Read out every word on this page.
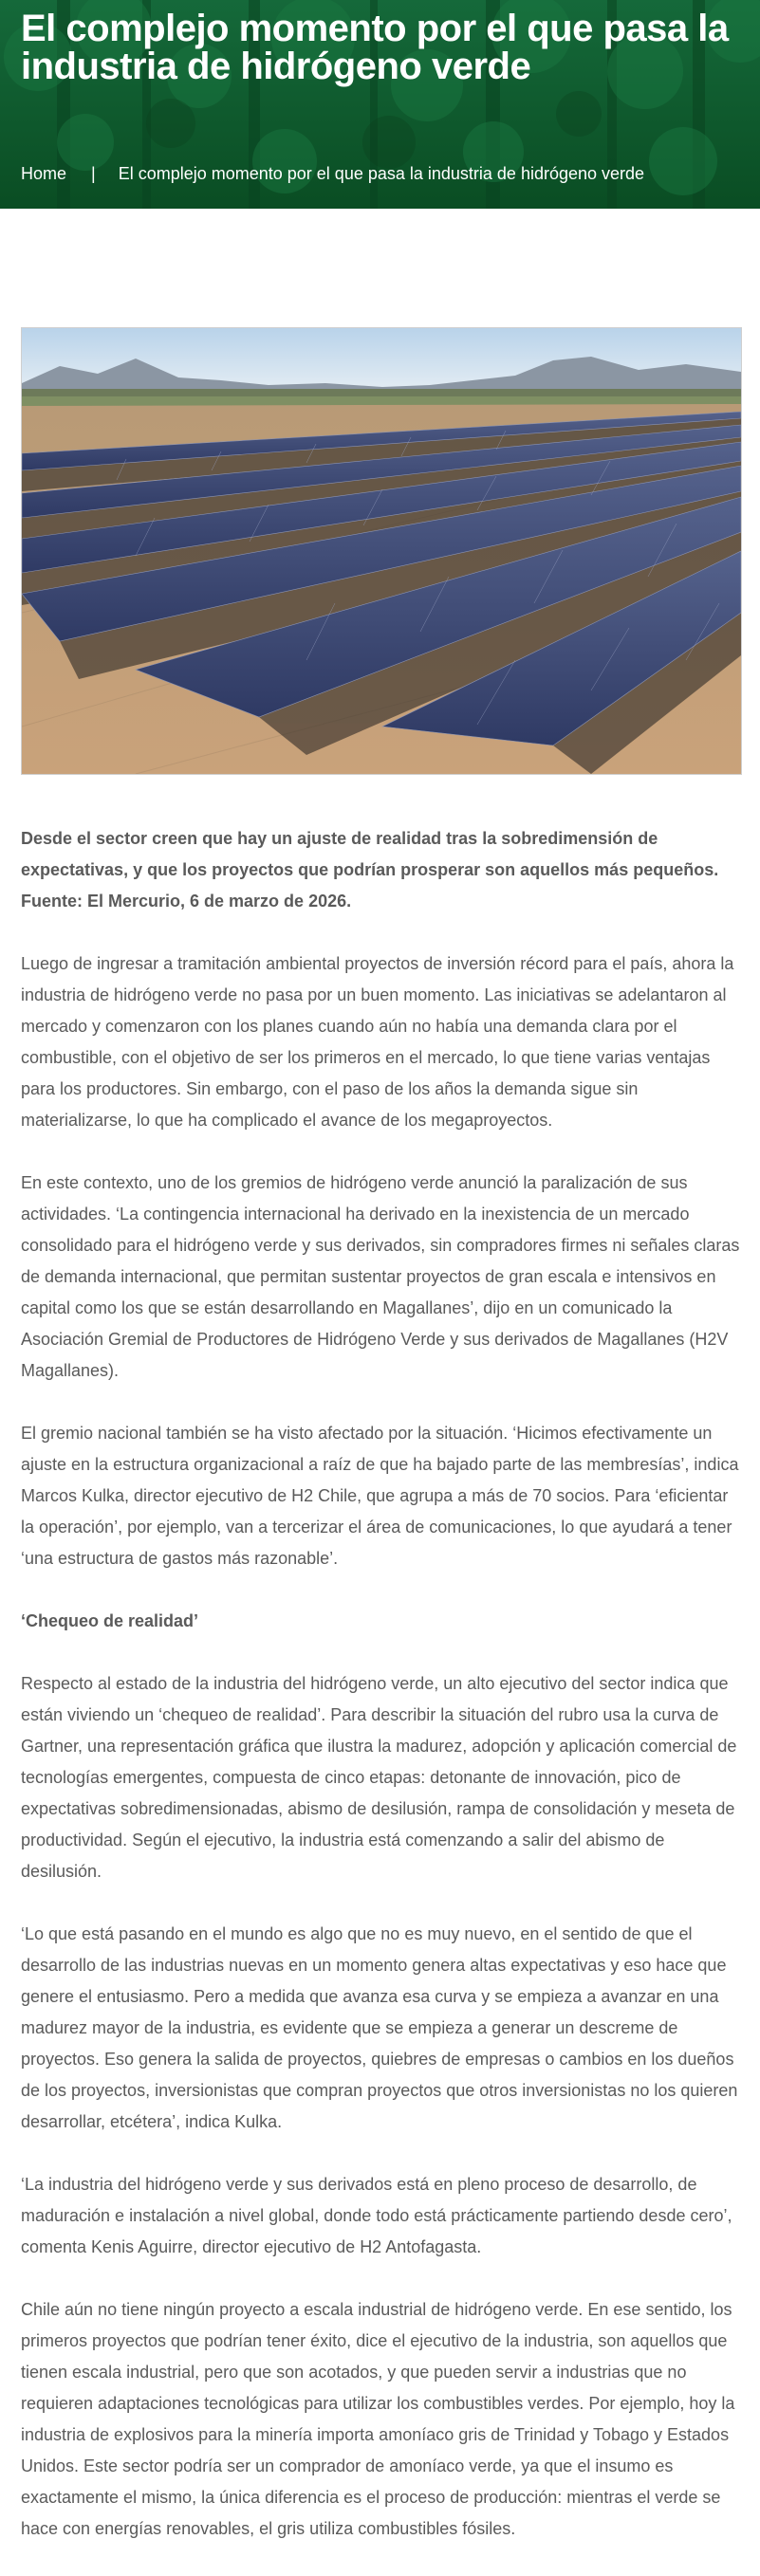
El complejo momento por el que pasa la industria de hidrógeno verde
Home | El complejo momento por el que pasa la industria de hidrógeno verde

Desde el sector creen que hay un ajuste de realidad tras la sobredimensión de expectativas, y que los proyectos que podrían prosperar son aquellos más pequeños. Fuente: El Mercurio, 6 de marzo de 2026.

Luego de ingresar a tramitación ambiental proyectos de inversión récord para el país, ahora la industria de hidrógeno verde no pasa por un buen momento. Las iniciativas se adelantaron al mercado y comenzaron con los planes cuando aún no había una demanda clara por el combustible, con el objetivo de ser los primeros en el mercado, lo que tiene varias ventajas para los productores. Sin embargo, con el paso de los años la demanda sigue sin materializarse, lo que ha complicado el avance de los megaproyectos.

En este contexto, uno de los gremios de hidrógeno verde anunció la paralización de sus actividades. ‘La contingencia internacional ha derivado en la inexistencia de un mercado consolidado para el hidrógeno verde y sus derivados, sin compradores firmes ni señales claras de demanda internacional, que permitan sustentar proyectos de gran escala e intensivos en capital como los que se están desarrollando en Magallanes’, dijo en un comunicado la Asociación Gremial de Productores de Hidrógeno Verde y sus derivados de Magallanes (H2V Magallanes).

El gremio nacional también se ha visto afectado por la situación. ‘Hicimos efectivamente un ajuste en la estructura organizacional a raíz de que ha bajado parte de las membresías’, indica Marcos Kulka, director ejecutivo de H2 Chile, que agrupa a más de 70 socios. Para ‘eficientar la operación’, por ejemplo, van a tercerizar el área de comunicaciones, lo que ayudará a tener ‘una estructura de gastos más razonable’.

‘Chequeo de realidad’

Respecto al estado de la industria del hidrógeno verde, un alto ejecutivo del sector indica que están viviendo un ‘chequeo de realidad’. Para describir la situación del rubro usa la curva de Gartner, una representación gráfica que ilustra la madurez, adopción y aplicación comercial de tecnologías emergentes, compuesta de cinco etapas: detonante de innovación, pico de expectativas sobredimensionadas, abismo de desilusión, rampa de consolidación y meseta de productividad. Según el ejecutivo, la industria está comenzando a salir del abismo de desilusión.

‘Lo que está pasando en el mundo es algo que no es muy nuevo, en el sentido de que el desarrollo de las industrias nuevas en un momento genera altas expectativas y eso hace que genere el entusiasmo. Pero a medida que avanza esa curva y se empieza a avanzar en una madurez mayor de la industria, es evidente que se empieza a generar un descreme de proyectos. Eso genera la salida de proyectos, quiebres de empresas o cambios en los dueños de los proyectos, inversionistas que compran proyectos que otros inversionistas no los quieren desarrollar, etcétera’, indica Kulka.

‘La industria del hidrógeno verde y sus derivados está en pleno proceso de desarrollo, de maduración e instalación a nivel global, donde todo está prácticamente partiendo desde cero’, comenta Kenis Aguirre, director ejecutivo de H2 Antofagasta.

Chile aún no tiene ningún proyecto a escala industrial de hidrógeno verde. En ese sentido, los primeros proyectos que podrían tener éxito, dice el ejecutivo de la industria, son aquellos que tienen escala industrial, pero que son acotados, y que pueden servir a industrias que no requieren adaptaciones tecnológicas para utilizar los combustibles verdes. Por ejemplo, hoy la industria de explosivos para la minería importa amoníaco gris de Trinidad y Tobago y Estados Unidos. Este sector podría ser un comprador de amoníaco verde, ya que el insumo es exactamente el mismo, la única diferencia es el proceso de producción: mientras el verde se hace con energías renovables, el gris utiliza combustibles fósiles.
